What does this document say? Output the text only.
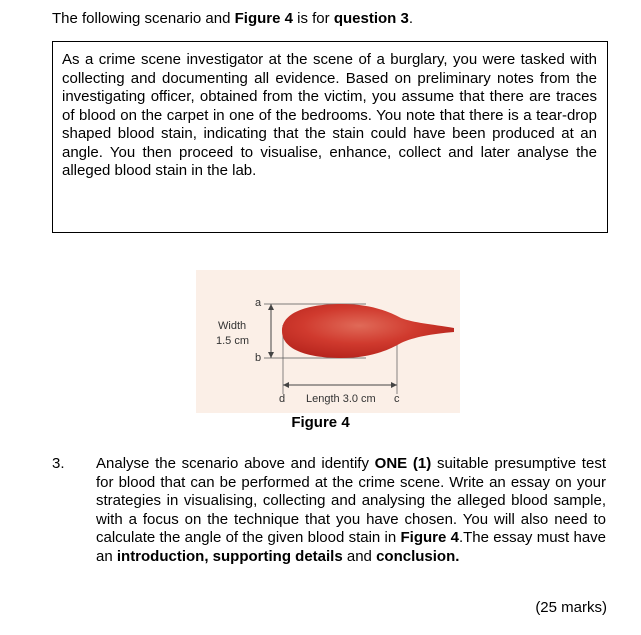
The following scenario and Figure 4 is for question 3.
As a crime scene investigator at the scene of a burglary, you were tasked with collecting and documenting all evidence. Based on preliminary notes from the investigating officer, obtained from the victim, you assume that there are traces of blood on the carpet in one of the bedrooms. You note that there is a tear-drop shaped blood stain, indicating that the stain could have been produced at an angle. You then proceed to visualise, enhance, collect and later analyse the alleged blood stain in the lab.
Width
1.5 cm
a
b
d	c
Length 3.0 cm
Figure 4
3. Analyse the scenario above and identify ONE (1) suitable presumptive test for blood that can be performed at the crime scene. Write an essay on your strategies in visualising, collecting and analysing the alleged blood sample, with a focus on the technique that you have chosen. You will also need to calculate the angle of the given blood stain in Figure 4.The essay must have an introduction, supporting details and conclusion.
(25 marks)
